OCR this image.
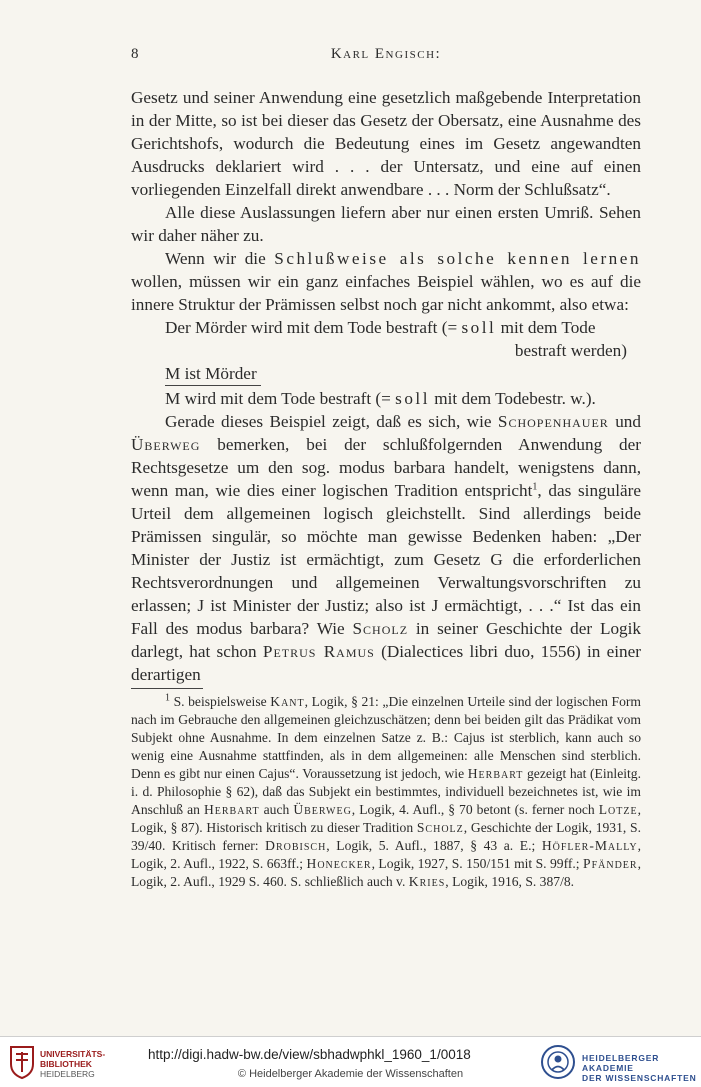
8	Karl Engisch:

Gesetz und seiner Anwendung eine gesetzlich maßgebende Interpretation in der Mitte, so ist bei dieser das Gesetz der Obersatz, eine Ausnahme des Gerichtshofs, wodurch die Bedeutung eines im Gesetz angewandten Ausdrucks deklariert wird . . . der Untersatz, und eine auf einen vorliegenden Einzelfall direkt anwendbare . . . Norm der Schlußsatz“.

Alle diese Auslassungen liefern aber nur einen ersten Umriß. Sehen wir daher näher zu.

Wenn wir die Schlußweise als solche kennen lernen wollen, müssen wir ein ganz einfaches Beispiel wählen, wo es auf die innere Struktur der Prämissen selbst noch gar nicht ankommt, also etwa:

Der Mörder wird mit dem Tode bestraft (= soll mit dem Tode
bestraft werden)
M ist Mörder
M wird mit dem Tode bestraft (= soll mit dem Todebestr. w.).

Gerade dieses Beispiel zeigt, daß es sich, wie Schopenhauer und Überweg bemerken, bei der schlußfolgernden Anwendung der Rechtsgesetze um den sog. modus barbara handelt, wenigstens dann, wenn man, wie dies einer logischen Tradition entspricht$^1$, das singuläre Urteil dem allgemeinen logisch gleichstellt. Sind allerdings beide Prämissen singulär, so möchte man gewisse Bedenken haben: „Der Minister der Justiz ist ermächtigt, zum Gesetz G die erforderlichen Rechtsverordnungen und allgemeinen Verwaltungsvorschriften zu erlassen; J ist Minister der Justiz; also ist J ermächtigt, . . .“ Ist das ein Fall des modus barbara? Wie Scholz in seiner Geschichte der Logik darlegt, hat schon Petrus Ramus (Dialectices libri duo, 1556) in einer derartigen

$^1$ S. beispielsweise Kant, Logik, § 21: „Die einzelnen Urteile sind der logischen Form nach im Gebrauche den allgemeinen gleichzuschätzen; denn bei beiden gilt das Prädikat vom Subjekt ohne Ausnahme. In dem einzelnen Satze z. B.: Cajus ist sterblich, kann auch so wenig eine Ausnahme stattfinden, als in dem allgemeinen: alle Menschen sind sterblich. Denn es gibt nur einen Cajus“. Voraussetzung ist jedoch, wie Herbart gezeigt hat (Einleitg. i. d. Philosophie § 62), daß das Subjekt ein bestimmtes, individuell bezeichnetes ist, wie im Anschluß an Herbart auch Überweg, Logik, 4. Aufl., § 70 betont (s. ferner noch Lotze, Logik, § 87). Historisch kritisch zu dieser Tradition Scholz, Geschichte der Logik, 1931, S. 39/40. Kritisch ferner: Drobisch, Logik, 5. Aufl., 1887, § 43 a. E.; Höfler-Mally, Logik, 2. Aufl., 1922, S. 663ff.; Honecker, Logik, 1927, S. 150/151 mit S. 99ff.; Pfänder, Logik, 2. Aufl., 1929 S. 460. S. schließlich auch v. Kries, Logik, 1916, S. 387/8.

UNIVERSITÄTS-
BIBLIOTHEK
HEIDELBERG
http://digi.hadw-bw.de/view/sbhadwphkl_1960_1/0018
© Heidelberger Akademie der Wissenschaften
HEIDELBERGER AKADEMIE
DER WISSENSCHAFTEN
